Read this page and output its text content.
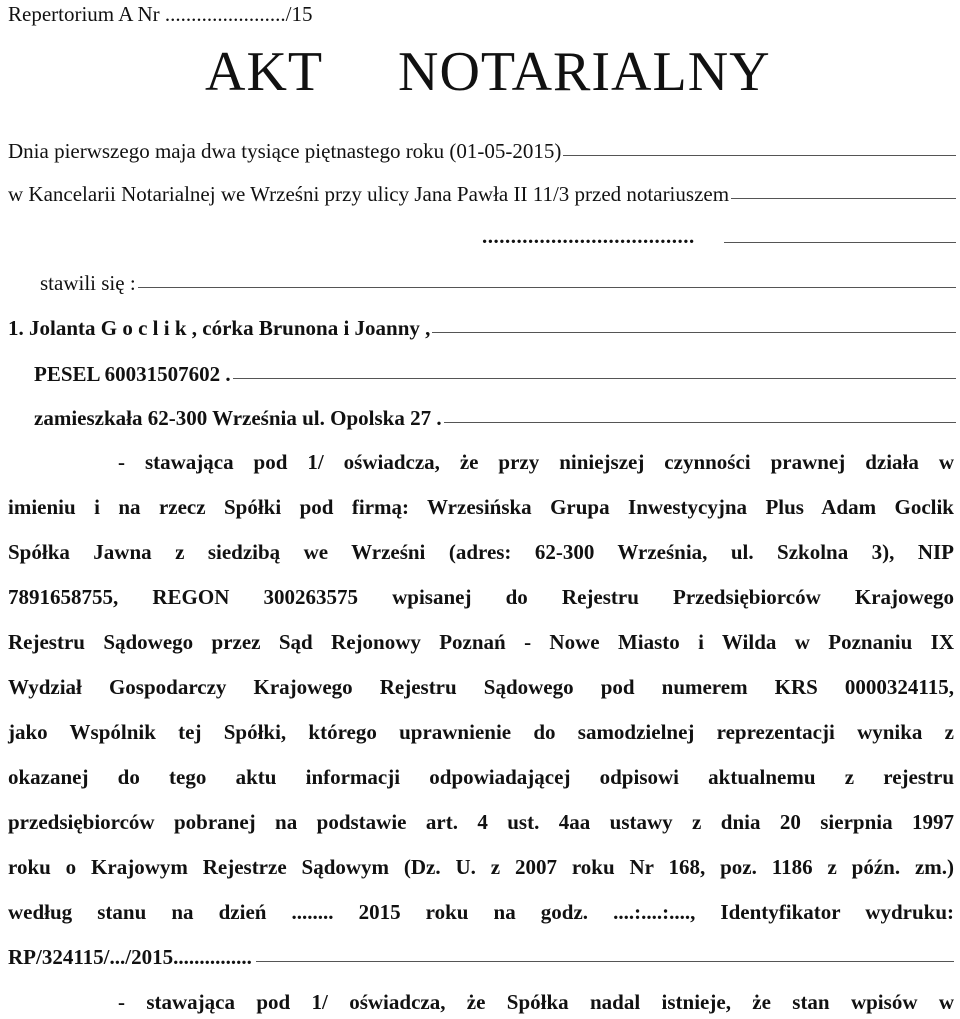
Repertorium A Nr ......................./15
AKT NOTARIALNY
Dnia pierwszego maja dwa tysiące piętnastego roku (01-05-2015)
w Kancelarii Notarialnej we Wrześni przy ulicy Jana Pawła II 11/3 przed notariuszem
.....................................
stawili się :
1. Jolanta G o c l i k , córka Brunona i Joanny ,
PESEL 60031507602 .
zamieszkała 62-300 Września ul. Opolska 27 .
- stawająca pod 1/ oświadcza, że przy niniejszej czynności prawnej działa w
imieniu i na rzecz Spółki pod firmą: Wrzesińska Grupa Inwestycyjna Plus Adam Goclik
Spółka Jawna z siedzibą we Wrześni (adres: 62-300 Września, ul. Szkolna 3), NIP
7891658755, REGON 300263575 wpisanej do Rejestru Przedsiębiorców Krajowego
Rejestru Sądowego przez Sąd Rejonowy Poznań - Nowe Miasto i Wilda w Poznaniu IX
Wydział Gospodarczy Krajowego Rejestru Sądowego pod numerem KRS 0000324115,
jako Wspólnik tej Spółki, którego uprawnienie do samodzielnej reprezentacji wynika z
okazanej do tego aktu informacji odpowiadającej odpisowi aktualnemu z rejestru
przedsiębiorców pobranej na podstawie art. 4 ust. 4aa ustawy z dnia 20 sierpnia 1997
roku o Krajowym Rejestrze Sądowym (Dz. U. z 2007 roku Nr 168, poz. 1186 z późn. zm.)
według stanu na dzień ........ 2015 roku na godz. ....:....:...., Identyfikator wydruku:
RP/324115/.../2015...............
- stawająca pod 1/ oświadcza, że Spółka nadal istnieje, że stan wpisów w
